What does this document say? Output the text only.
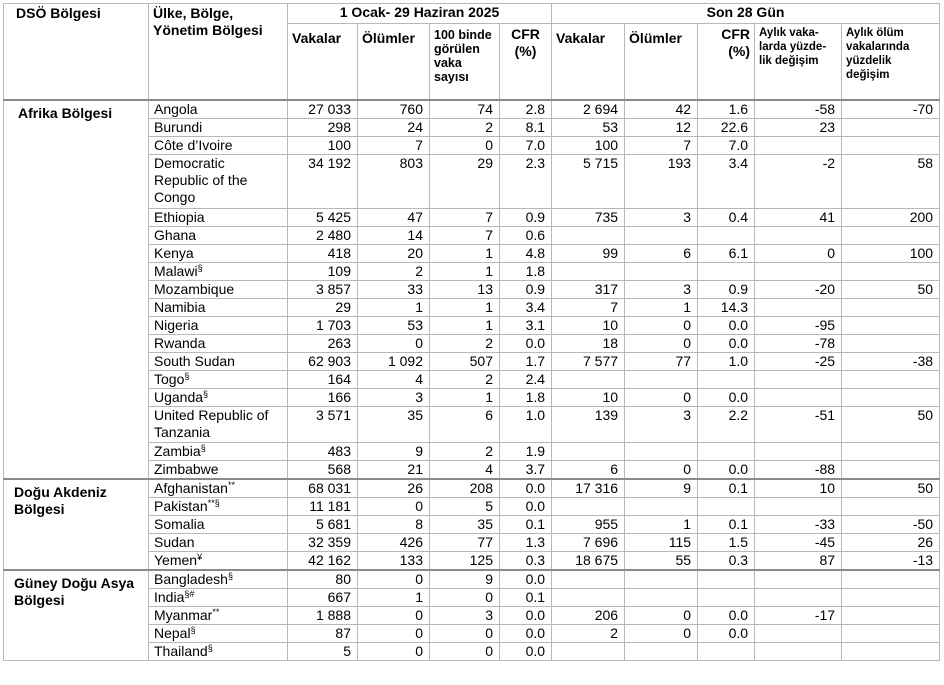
DSÖ Bölgesi	Ülke, Bölge, Yönetim Bölgesi	1 Ocak- 29 Haziran 2025				Son 28 Gün				
		Vakalar	Ölümler	100 binde görülen vaka sayısı	CFR (%)	Vakalar	Ölümler	CFR (%)	Aylık vaka-larda yüzde-lik değişim	Aylık ölüm vakalarında yüzdelik değişim
Afrika Bölgesi	Angola	27 033	760	74	2.8	2 694	42	1.6	-58	-70
	Burundi	298	24	2	8.1	53	12	22.6	23	
	Côte d’Ivoire	100	7	0	7.0	100	7	7.0		
	Democratic Republic of the Congo	34 192	803	29	2.3	5 715	193	3.4	-2	58
	Ethiopia	5 425	47	7	0.9	735	3	0.4	41	200
	Ghana	2 480	14	7	0.6					
	Kenya	418	20	1	4.8	99	6	6.1	0	100
	Malawi§	109	2	1	1.8					
	Mozambique	3 857	33	13	0.9	317	3	0.9	-20	50
	Namibia	29	1	1	3.4	7	1	14.3		
	Nigeria	1 703	53	1	3.1	10	0	0.0	-95	
	Rwanda	263	0	2	0.0	18	0	0.0	-78	
	South Sudan	62 903	1 092	507	1.7	7 577	77	1.0	-25	-38
	Togo§	164	4	2	2.4					
	Uganda§	166	3	1	1.8	10	0	0.0		
	United Republic of Tanzania	3 571	35	6	1.0	139	3	2.2	-51	50
	Zambia§	483	9	2	1.9					
	Zimbabwe	568	21	4	3.7	6	0	0.0	-88	
Doğu Akdeniz Bölgesi	Afghanistan**	68 031	26	208	0.0	17 316	9	0.1	10	50
	Pakistan**§	11 181	0	5	0.0					
	Somalia	5 681	8	35	0.1	955	1	0.1	-33	-50
	Sudan	32 359	426	77	1.3	7 696	115	1.5	-45	26
	Yemen¥	42 162	133	125	0.3	18 675	55	0.3	87	-13
Güney Doğu Asya Bölgesi	Bangladesh§	80	0	9	0.0					
	India§#	667	1	0	0.1					
	Myanmar**	1 888	0	3	0.0	206	0	0.0	-17	
	Nepal§	87	0	0	0.0	2	0	0.0		
	Thailand§	5	0	0	0.0					
